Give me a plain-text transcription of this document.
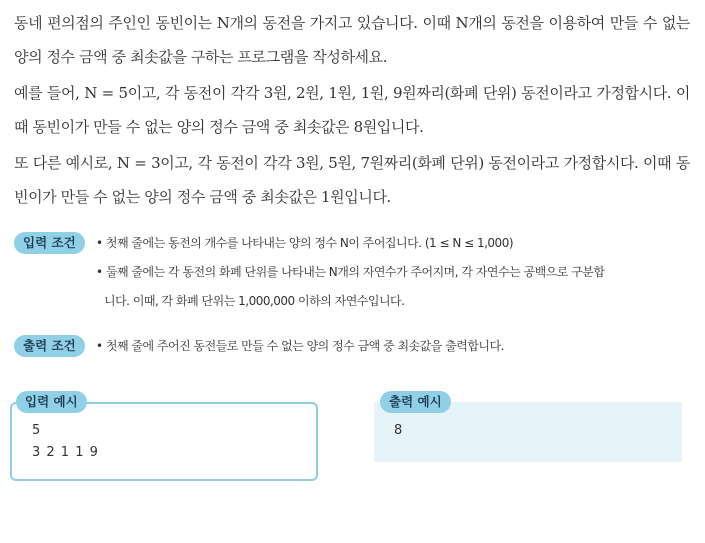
동네 편의점의 주인인 동빈이는 N개의 동전을 가지고 있습니다. 이때 N개의 동전을 이용하여 만들 수 없는 양의 정수 금액 중 최솟값을 구하는 프로그램을 작성하세요.

예를 들어, N = 5이고, 각 동전이 각각 3원, 2원, 1원, 1원, 9원짜리(화폐 단위) 동전이라고 가정합시다. 이때 동빈이가 만들 수 없는 양의 정수 금액 중 최솟값은 8원입니다.

또 다른 예시로, N = 3이고, 각 동전이 각각 3원, 5원, 7원짜리(화폐 단위) 동전이라고 가정합시다. 이때 동빈이가 만들 수 없는 양의 정수 금액 중 최솟값은 1원입니다.

입력 조건	• 첫째 줄에는 동전의 개수를 나타내는 양의 정수 N이 주어집니다. (1 ≤ N ≤ 1,000)
• 둘째 줄에는 각 동전의 화폐 단위를 나타내는 N개의 자연수가 주어지며, 각 자연수는 공백으로 구분합
니다. 이때, 각 화폐 단위는 1,000,000 이하의 자연수입니다.
출력 조건	• 첫째 줄에 주어진 동전들로 만들 수 없는 양의 정수 금액 중 최솟값을 출력합니다.
입력 예시
5
3 2 1 1 9
출력 예시
8
